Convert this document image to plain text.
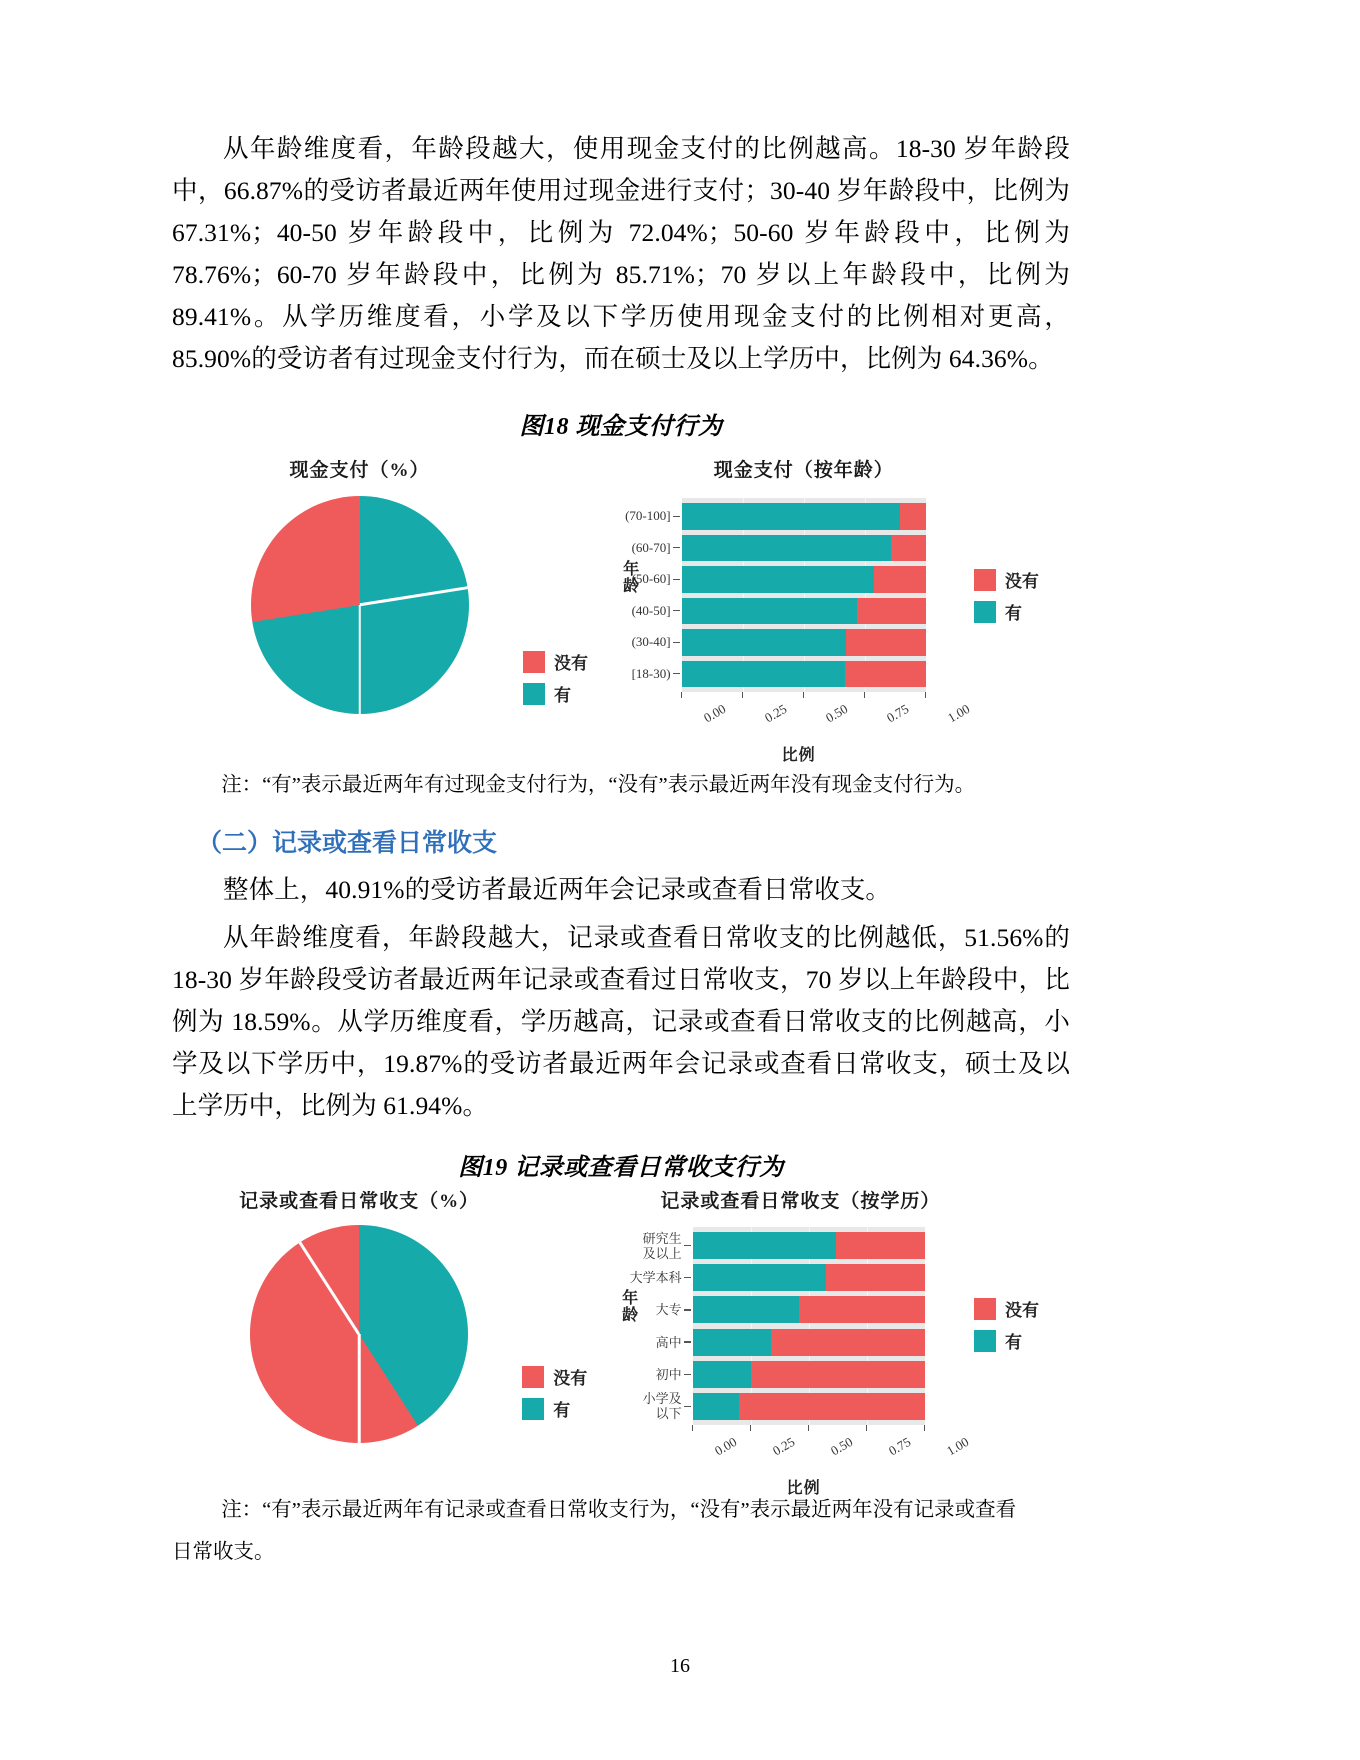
从年龄维度看，年龄段越大，使用现金支付的比例越高。18-30 岁年龄段中，66.87%的受访者最近两年使用过现金进行支付；30-40 岁年龄段中，比例为 67.31%；40-50 岁年龄段中，比例为 72.04%；50-60 岁年龄段中，比例为 78.76%；60-70 岁年龄段中，比例为 85.71%；70 岁以上年龄段中，比例为 89.41%。从学历维度看，小学及以下学历使用现金支付的比例相对更高，85.90%的受访者有过现金支付行为，而在硕士及以上学历中，比例为 64.36%。

图18 现金支付行为
现金支付（%）
没有
有
现金支付（按年龄）
年龄
(70-100]
(60-70]
(50-60]
(40-50]
(30-40]
[18-30)
0.00	0.25	0.50	0.75	1.00
比例
没有
有

注：“有”表示最近两年有过现金支付行为，“没有”表示最近两年没有现金支付行为。

（二）记录或查看日常收支

整体上，40.91%的受访者最近两年会记录或查看日常收支。

从年龄维度看，年龄段越大，记录或查看日常收支的比例越低，51.56%的 18-30 岁年龄段受访者最近两年记录或查看过日常收支，70 岁以上年龄段中，比例为 18.59%。从学历维度看，学历越高，记录或查看日常收支的比例越高，小学及以下学历中，19.87%的受访者最近两年会记录或查看日常收支，硕士及以上学历中，比例为 61.94%。

图19 记录或查看日常收支行为
记录或查看日常收支（%）
没有
有
记录或查看日常收支（按学历）
年龄
研究生
及以上
大学本科
大专
高中
初中
小学及
以下
0.00 0.25 0.50 0.75 1.00
比例
没有
有

注：“有”表示最近两年有记录或查看日常收支行为，“没有”表示最近两年没有记录或查看

日常收支。

16
